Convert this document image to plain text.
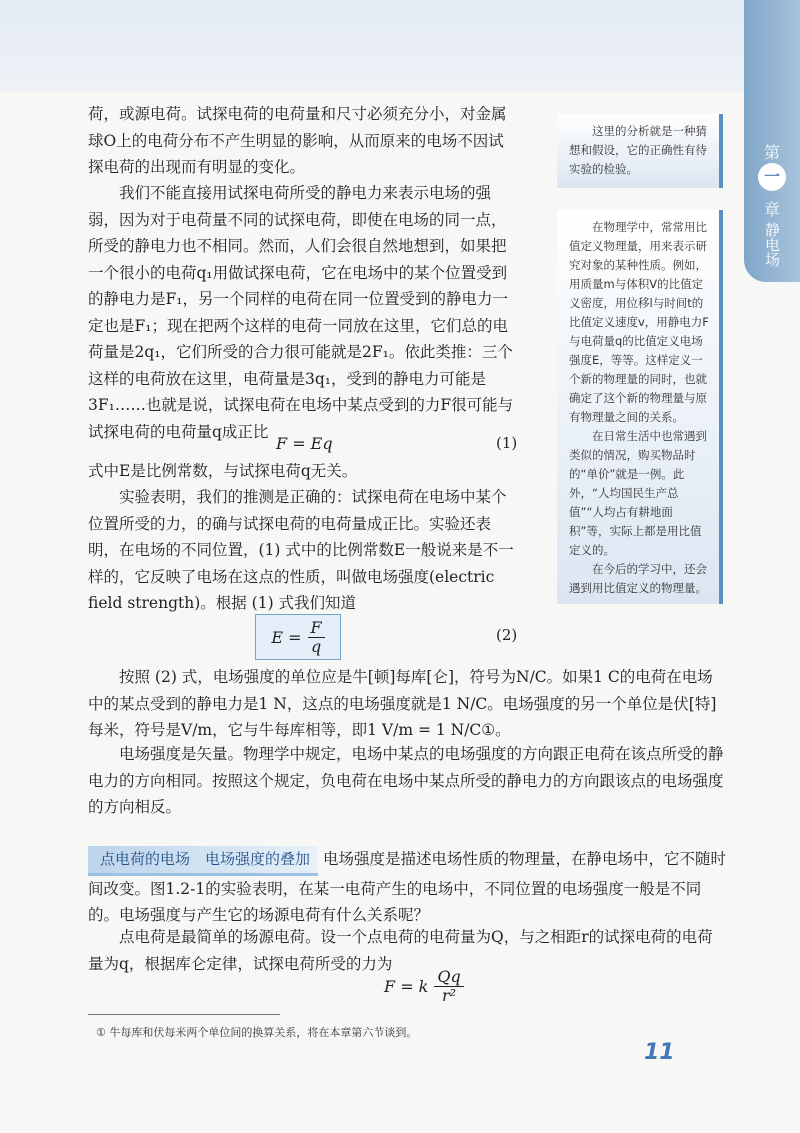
第
一
章
静电场

荷，或源电荷。试探电荷的电荷量和尺寸必须充分小，对金属球O上的电荷分布不产生明显的影响，从而原来的电场不因试探电荷的出现而有明显的变化。

我们不能直接用试探电荷所受的静电力来表示电场的强弱，因为对于电荷量不同的试探电荷，即使在电场的同一点，所受的静电力也不相同。然而，人们会很自然地想到，如果把一个很小的电荷q₁用做试探电荷，它在电场中的某个位置受到的静电力是F₁，另一个同样的电荷在同一位置受到的静电力一定也是F₁；现在把两个这样的电荷一同放在这里，它们总的电荷量是2q₁，它们所受的合力很可能就是2F₁。依此类推：三个这样的电荷放在这里，电荷量是3q₁，受到的静电力可能是3F₁……也就是说，试探电荷在电场中某点受到的力F很可能与试探电荷的电荷量q成正比

F = Eq	(1)

式中E是比例常数，与试探电荷q无关。

实验表明，我们的推测是正确的：试探电荷在电场中某个位置所受的力，的确与试探电荷的电荷量成正比。实验还表明，在电场的不同位置，(1) 式中的比例常数E一般说来是不一样的，它反映了电场在这点的性质，叫做电场强度(electric field strength)。根据 (1) 式我们知道

$E = \frac{F}{q}$	(2)

这里的分析就是一种猜想和假设，它的正确性有待实验的检验。

在物理学中，常常用比值定义物理量，用来表示研究对象的某种性质。例如，用质量m与体积V的比值定义密度，用位移l与时间t的比值定义速度v，用静电力F与电荷量q的比值定义电场强度E，等等。这样定义一个新的物理量的同时，也就确定了这个新的物理量与原有物理量之间的关系。

在日常生活中也常遇到类似的情况，购买物品时的“单价”就是一例。此外，“人均国民生产总值”“人均占有耕地面积”等，实际上都是用比值定义的。

在今后的学习中，还会遇到用比值定义的物理量。

按照 (2) 式，电场强度的单位应是牛[顿]每库[仑]，符号为N/C。如果1 C的电荷在电场中的某点受到的静电力是1 N，这点的电场强度就是1 N/C。电场强度的另一个单位是伏[特]每米，符号是V/m，它与牛每库相等，即1 V/m = 1 N/C①。

电场强度是矢量。物理学中规定，电场中某点的电场强度的方向跟正电荷在该点所受的静电力的方向相同。按照这个规定，负电荷在电场中某点所受的静电力的方向跟该点的电场强度的方向相反。

点电荷的电场　电场强度的叠加 电场强度是描述电场性质的物理量，在静电场中，它不随时间改变。图1.2-1的实验表明，在某一电荷产生的电场中，不同位置的电场强度一般是不同的。电场强度与产生它的场源电荷有什么关系呢？

点电荷是最简单的场源电荷。设一个点电荷的电荷量为Q，与之相距r的试探电荷的电荷量为q，根据库仑定律，试探电荷所受的力为

F = k $\frac{Qq}{\text{r²}}$
① 牛每库和伏每米两个单位间的换算关系，将在本章第六节谈到。
11
